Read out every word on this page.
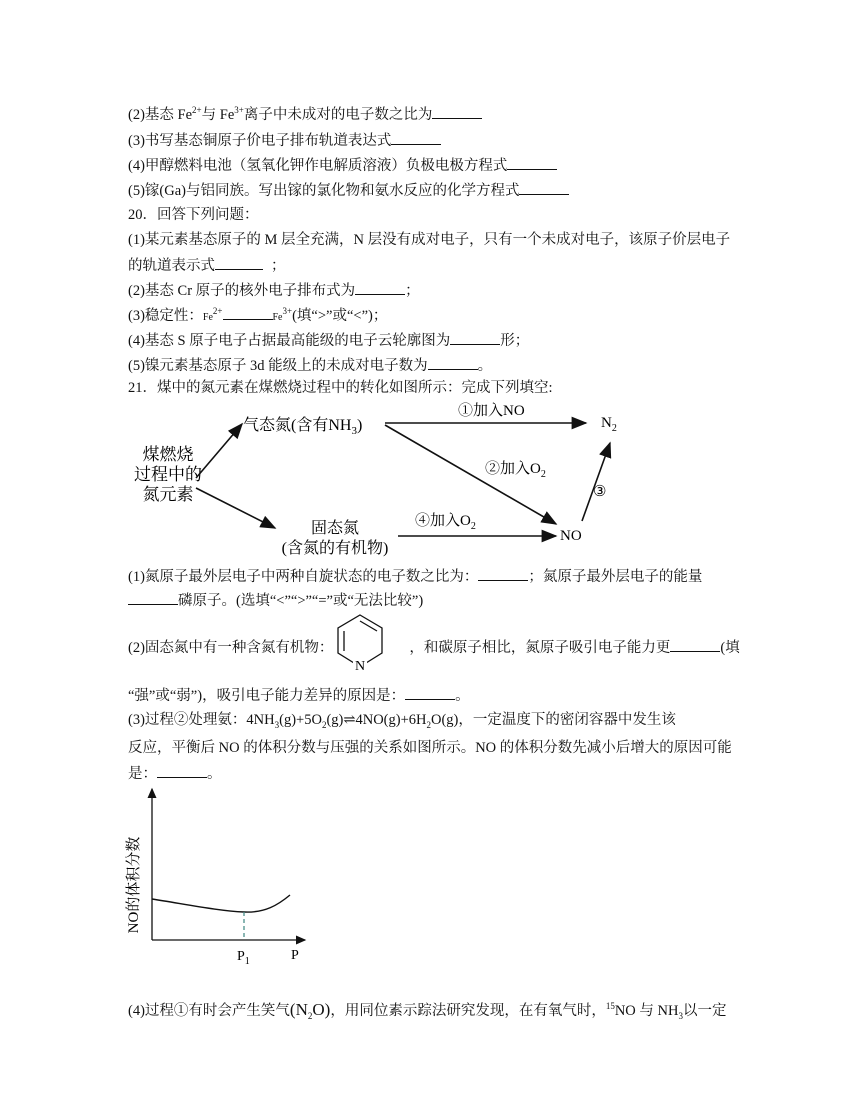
(2)基态 $Fe^{2+}$与 $Fe^{3+}$离子中未成对的电子数之比为
(3)书写基态铜原子价电子排布轨道表达式
(4)甲醇燃料电池（氢氧化钾作电解质溶液）负极电极方程式
(5)镓(Ga)与铝同族。写出镓的氯化物和氨水反应的化学方程式
20．回答下列问题：
(1)某元素基态原子的 M 层全充满，N 层没有成对电子，只有一个未成对电子，该原子价层电子
的轨道表示式	；
(2)基态 Cr 原子的核外电子排布式为	；
(3)稳定性：$Fe^{2+}Fe^{3+}$(填“>”或“<”)；
(4)基态 S 原子电子占据最高能级的电子云轮廓图为	形；
(5)镍元素基态原子 3d 能级上的未成对电子数为	。
21．煤中的氮元素在煤燃烧过程中的转化如图所示：完成下列填空:
煤燃烧
过程中的
氮元素
气态氮(含有$NH_3$)
固态氮
(含氮的有机物)
$N_2$
NO
①加入NO
②加入$O_2$
③
④加入$O_2$
(1)氮原子最外层电子中两种自旋状态的电子数之比为：	；氮原子最外层电子的能量
磷原子。(选填“<”“>”“=”或“无法比较”)
(2)固态氮中有一种含氮有机物：	，和碳原子相比，氮原子吸引电子能力更	(填
N
“强”或“弱”)，吸引电子能力差异的原因是：	。
(3)过程②处理氨：$4NH_3(g)+5O_2(g)\rightleftharpoons 4NO(g)+6H_2O(g)$，一定温度下的密闭容器中发生该
反应，平衡后 NO 的体积分数与压强的关系如图所示。NO 的体积分数先减小后增大的原因可能
是：	。
NO的体积分数
$P_1$	P
(4)过程①有时会产生笑气$(N_2O)$，用同位素示踪法研究发现，在有氧气时，$^{15}$NO 与 $NH_3$以一定
